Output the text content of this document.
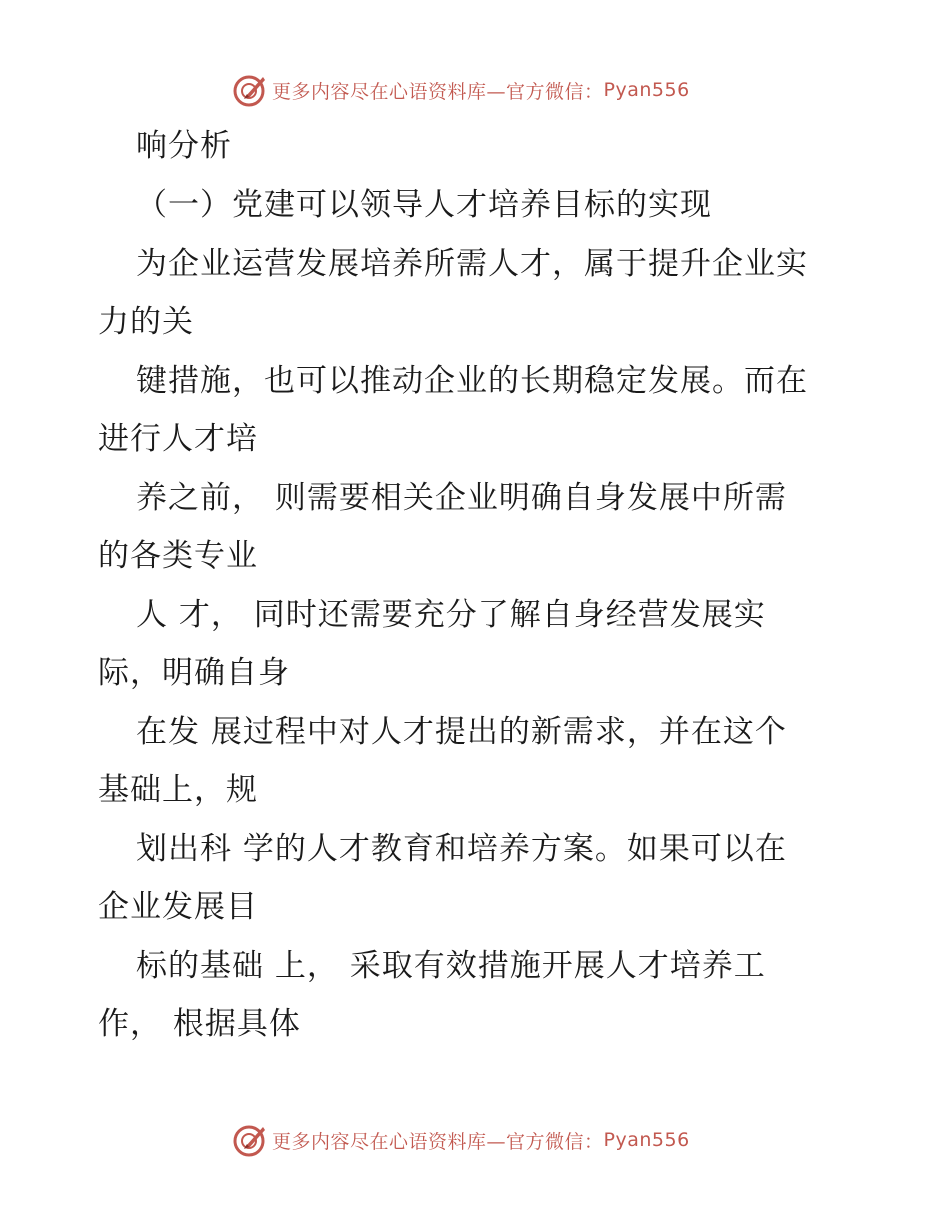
更多内容尽在心语资料库—官方微信： Pyan556
响分析
（一）党建可以领导人才培养目标的实现
为企业运营发展培养所需人才，属于提升企业实
力的关
键措施，也可以推动企业的长期稳定发展。而在
进行人才培
养之前， 则需要相关企业明确自身发展中所需
的各类专业
人 才， 同时还需要充分了解自身经营发展实
际，明确自身
在发 展过程中对人才提出的新需求，并在这个
基础上，规
划出科 学的人才教育和培养方案。如果可以在
企业发展目
标的基础 上， 采取有效措施开展人才培养工
作， 根据具体
更多内容尽在心语资料库—官方微信： Pyan556
